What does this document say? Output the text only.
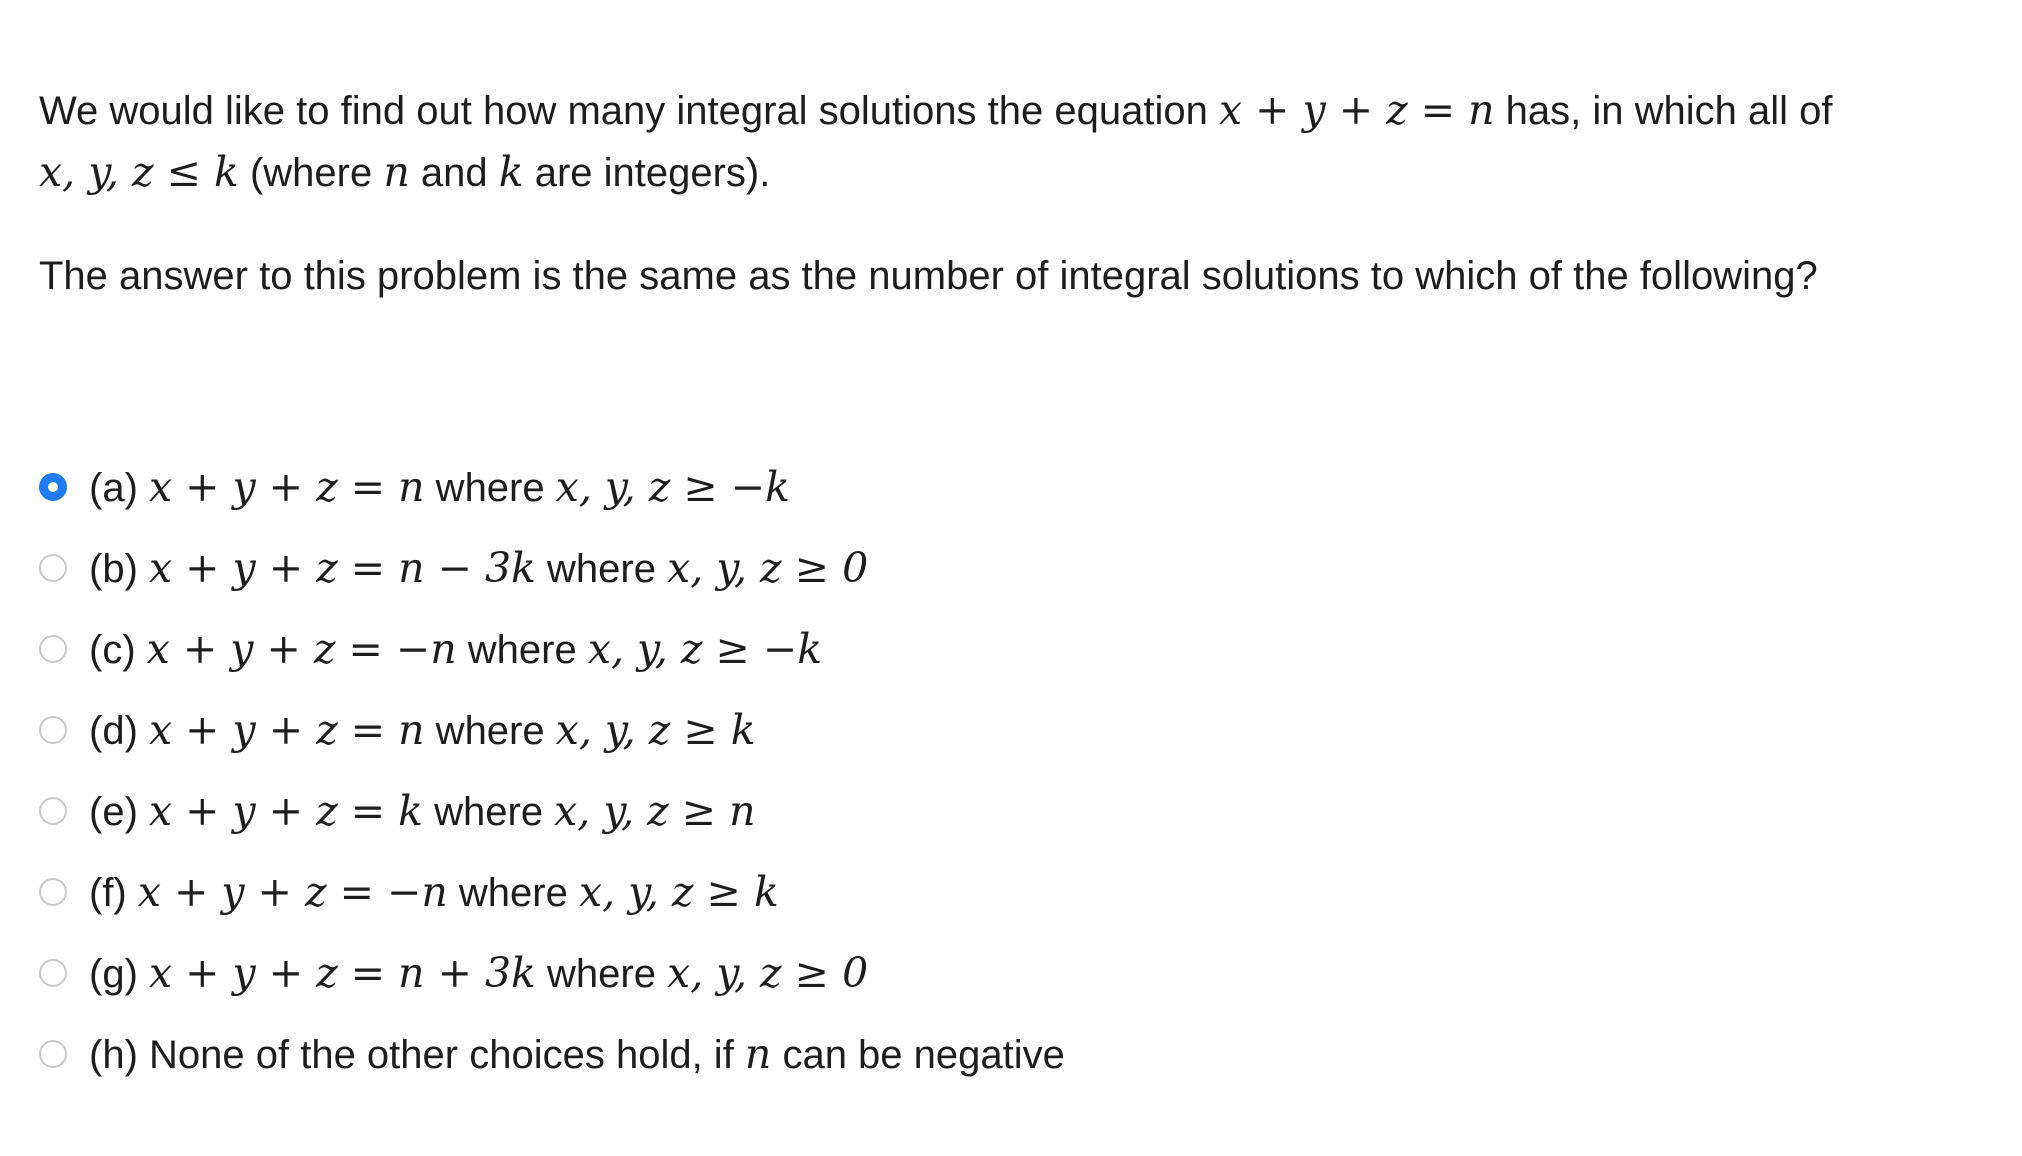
We would like to find out how many integral solutions the equation x + y + z = n has, in which all of
x, y, z ≤ k (where n and k are integers).

The answer to this problem is the same as the number of integral solutions to which of the following?

(a) x + y + z = n where x, y, z ≥ −k
(b) x + y + z = n − 3k where x, y, z ≥ 0
(c) x + y + z = −n where x, y, z ≥ −k
(d) x + y + z = n where x, y, z ≥ k
(e) x + y + z = k where x, y, z ≥ n
(f) x + y + z = −n where x, y, z ≥ k
(g) x + y + z = n + 3k where x, y, z ≥ 0
(h) None of the other choices hold, if n can be negative
